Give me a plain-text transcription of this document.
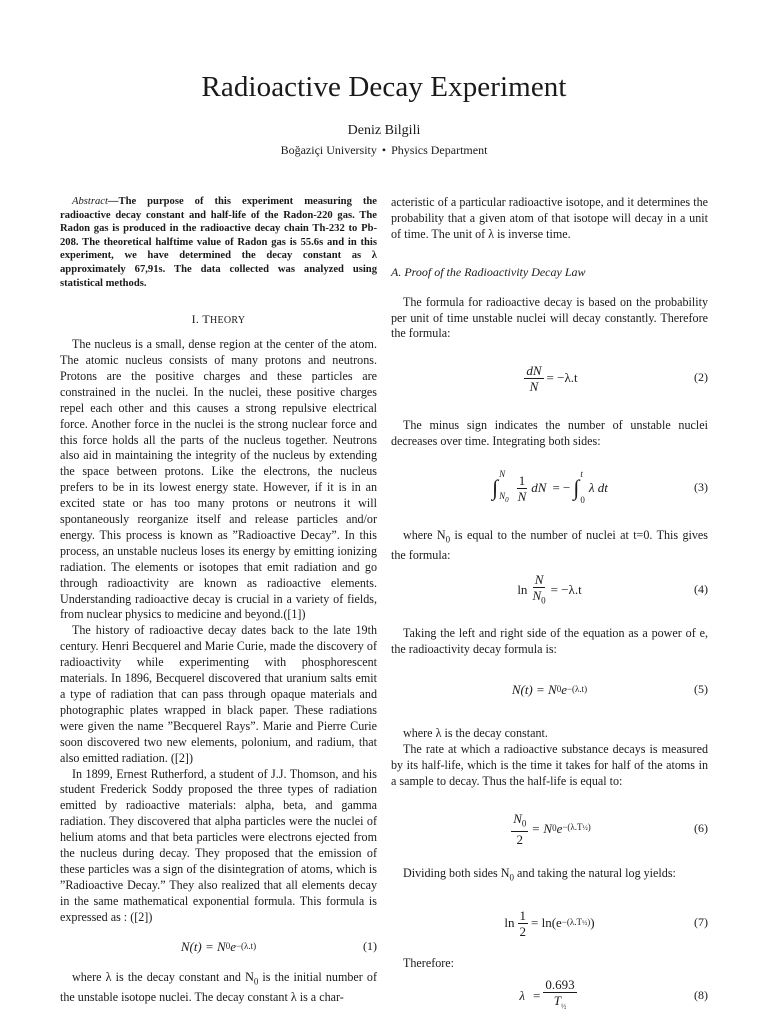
Radioactive Decay Experiment
Deniz Bilgili
Boğaziçi University • Physics Department

Abstract—The purpose of this experiment measuring the radioactive decay constant and half-life of the Radon-220 gas. The Radon gas is produced in the radioactive decay chain Th-232 to Pb-208. The theoretical halftime value of Radon gas is 55.6s and in this experiment, we have determined the decay constant as λ approximately 67,91s. The data collected was analyzed using statistical methods.

I. THEORY

The nucleus is a small, dense region at the center of the atom. The atomic nucleus consists of many protons and neutrons. Protons are the positive charges and these particles are constrained in the nuclei. In the nuclei, these positive charges repel each other and this causes a strong repulsive electrical force. Another force in the nuclei is the strong nuclear force and this force holds all the parts of the nucleus together. Neutrons also aid in maintaining the integrity of the nucleus by extending the space between protons. Like the electrons, the nucleus prefers to be in its lowest energy state. However, if it is in an excited state or has too many protons or neutrons it will spontaneously reorganize itself and release particles and/or energy. This process is known as ”Radioactive Decay”. In this process, an unstable nucleus loses its energy by emitting ionizing radiation. The elements or isotopes that emit radiation and go through radioactivity are known as radioactive elements. Understanding radioactive decay is crucial in a variety of fields, from nuclear physics to medicine and beyond.([1])

The history of radioactive decay dates back to the late 19th century. Henri Becquerel and Marie Curie, made the discovery of radioactivity while experimenting with phosphorescent materials. In 1896, Becquerel discovered that uranium salts emit a type of radiation that can pass through opaque materials and photographic plates wrapped in black paper. These radiations were given the name ”Becquerel Rays”. Marie and Pierre Curie soon discovered two new elements, polonium, and radium, that also emitted radiation. ([2])

In 1899, Ernest Rutherford, a student of J.J. Thomson, and his student Frederick Soddy proposed the three types of radiation emitted by radioactive materials: alpha, beta, and gamma radiation. They discovered that alpha particles were the nuclei of helium atoms and that beta particles were electrons ejected from the nucleus during decay. They proposed that the emission of these particles was a sign of the disintegration of atoms, which is ”Radioactive Decay.” They also realized that all elements decay in the same mathematical exponential formula. This formula is expressed as : ([2])

N(t) = N 0 e −(λ.t)	(1)

where λ is the decay constant and $N_0$ is the initial number of the unstable isotope nuclei. The decay constant λ is a char-

acteristic of a particular radioactive isotope, and it determines the probability that a given atom of that isotope will decay in a unit of time. The unit of λ is inverse time.

A. Proof of the Radioactivity Decay Law

The formula for radioactive decay is based on the probability per unit of time unstable nuclei will decay constantly. Therefore the formula:

$\frac{dN}{N} = -\lambda.t$	(2)

The minus sign indicates the number of unstable nuclei decreases over time. Integrating both sides:

∫
N
$N_0 \frac{1}{N}$ dN = − ∫
t
0
λ dt	(3)

where $N_0$ is equal to the number of nuclei at t=0. This gives the formula:

$\ln \frac{N}{N_0} = -\lambda.t$	(4)

Taking the left and right side of the equation as a power of e, the radioactivity decay formula is:

N(t) = N 0 e −(λ.t)	(5)

where λ is the decay constant.

The rate at which a radioactive substance decays is measured by its half-life, which is the time it takes for half of the atoms in a sample to decay. Thus the half-life is equal to:

$\frac{N_0}{2} = N$ 0 e −(λ.T½)	(6)

Dividing both sides $N_0$ and taking the natural log yields:

$\ln \frac{1}{2} = \ln(e$ −(λ.T½) )	(7)

Therefore:

$\lambda = \frac{0.693}{T_{\frac{1}{2}}}$	(8)
